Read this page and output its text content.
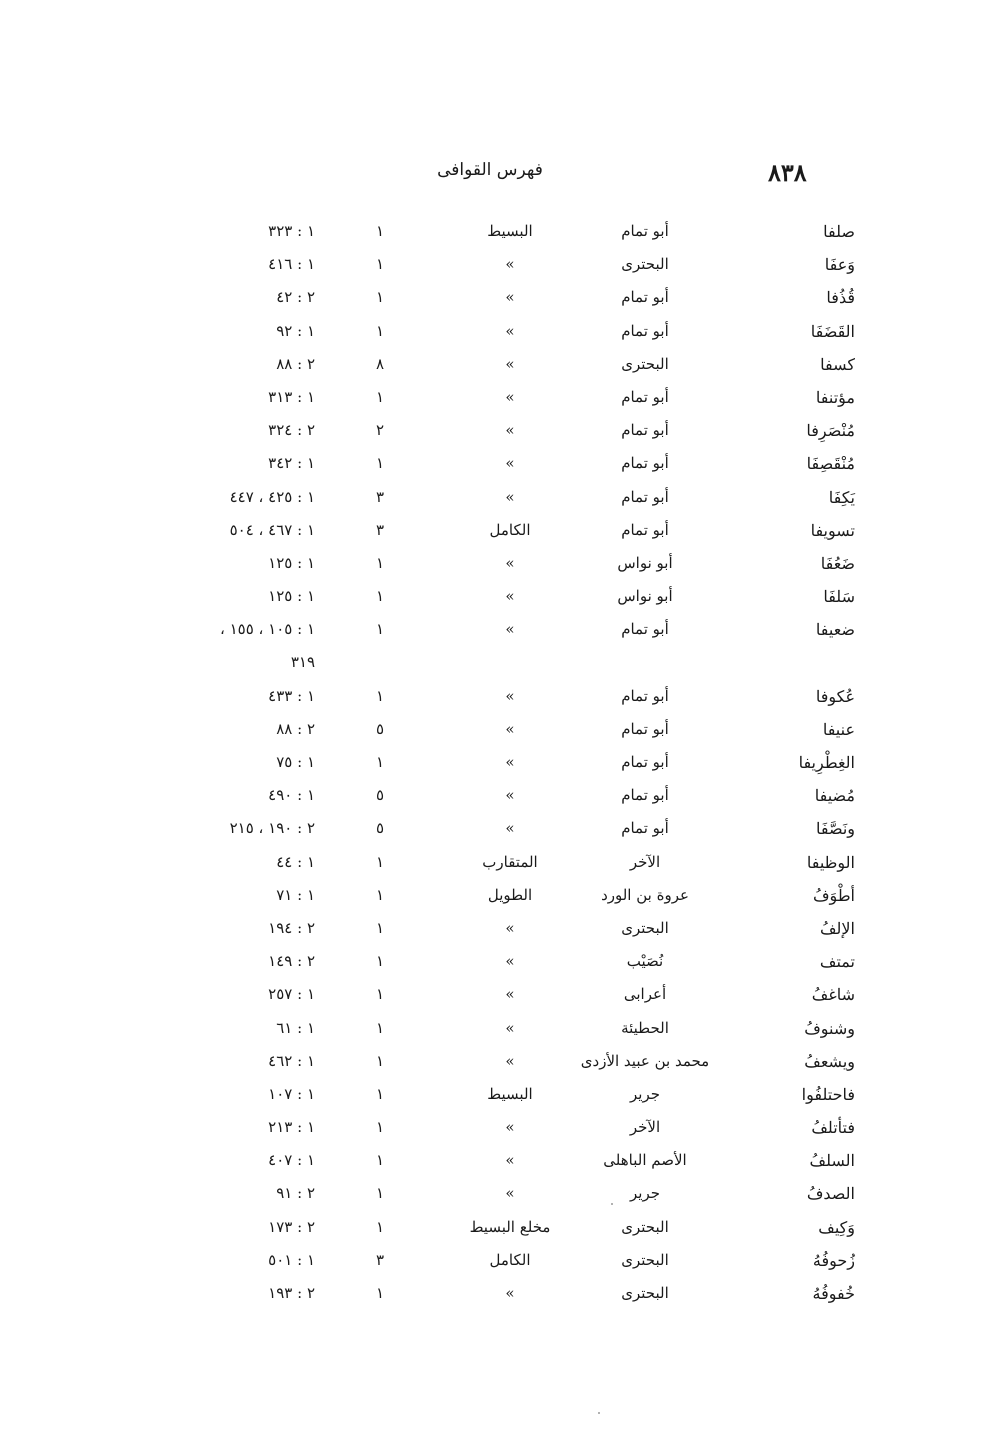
٨٣٨
فهرس القوافى
صلفا
أبو تمام
البسيط
١
١ : ٣٢٣
وَعفَا
البحترى
»
١
١ : ٤١٦
قُذُفا
أبو تمام
»
١
٢ : ٤٢
القَضَفَا
أبو تمام
»
١
١ : ٩٢
كسفا
البحترى
»
٨
٢ : ٨٨
مؤتنفا
أبو تمام
»
١
١ : ٣١٣
مُنْصَرِفا
أبو تمام
»
٢
٢ : ٣٢٤
مُنْقَصِفَا
أبو تمام
»
١
١ : ٣٤٢
يَكِفَا
أبو تمام
»
٣
١ : ٤٢٥ ، ٤٤٧
تسويفا
أبو تمام
الكامل
٣
١ : ٤٦٧ ، ٥٠٤
ضَعُفَا
أبو نواس
»
١
١ : ١٢٥
سَلفَا
أبو نواس
»
١
١ : ١٢٥
ضعيفا
أبو تمام
»
١
١ : ١٠٥ ، ١٥٥ ،
٣١٩
عُكوفا
أبو تمام
»
١
١ : ٤٣٣
عنيفا
أبو تمام
»
٥
٢ : ٨٨
الغِطْرِيفا
أبو تمام
»
١
١ : ٧٥
مُضيفا
أبو تمام
»
٥
١ : ٤٩٠
ونَصَّفَا
أبو تمام
»
٥
٢ : ١٩٠ ، ٢١٥
الوظيفا
الآخر
المتقارب
١
١ : ٤٤
أطْوَفُ
عروة بن الورد
الطويل
١
١ : ٧١
الإلفُ
البحترى
»
١
٢ : ١٩٤
تمتف
نُصَيْب
»
١
٢ : ١٤٩
شاغفُ
أعرابى
»
١
١ : ٢٥٧
وشنوفُ
الحطيئة
»
١
١ : ٦١
ويشعفُ
محمد بن عبيد الأزدى
»
١
١ : ٤٦٢
فاحتلفُوا
جرير
البسيط
١
١ : ١٠٧
فتأتلفُ
الآخر
»
١
١ : ٢١٣
السلفُ
الأصم الباهلى
»
١
١ : ٤٠٧
الصدفُ
جرير
»
١
٢ : ٩١
وَكِيف
البحترى
مخلع البسيط
١
٢ : ١٧٣
زُحوفُهُ
البحترى
الكامل
٣
١ : ٥٠١
خُفوفُهُ
البحترى
»
١
٢ : ١٩٣
